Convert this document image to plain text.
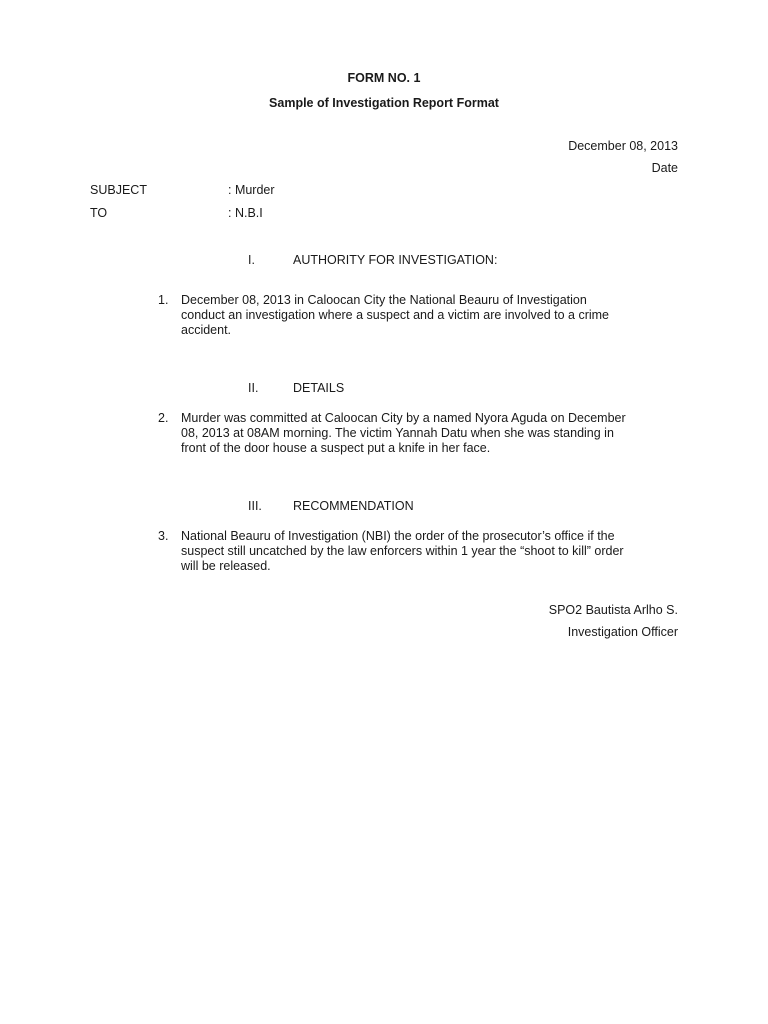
FORM NO. 1
Sample of Investigation Report Format
December 08, 2013
Date
SUBJECT	: Murder
TO	: N.B.I
I.	AUTHORITY FOR INVESTIGATION:
1. December 08, 2013 in Caloocan City the National Beauru of Investigation
conduct an investigation where a suspect and a victim are involved to a crime
accident.
II.	DETAILS
2. Murder was committed at Caloocan City by a named Nyora Aguda on December
08, 2013 at 08AM morning. The victim Yannah Datu when she was standing in
front of the door house a suspect put a knife in her face.
III. RECOMMENDATION
3. National Beauru of Investigation (NBI) the order of the prosecutor’s office if the
suspect still uncatched by the law enforcers within 1 year the “shoot to kill” order
will be released.
SPO2 Bautista Arlho S.
Investigation Officer
